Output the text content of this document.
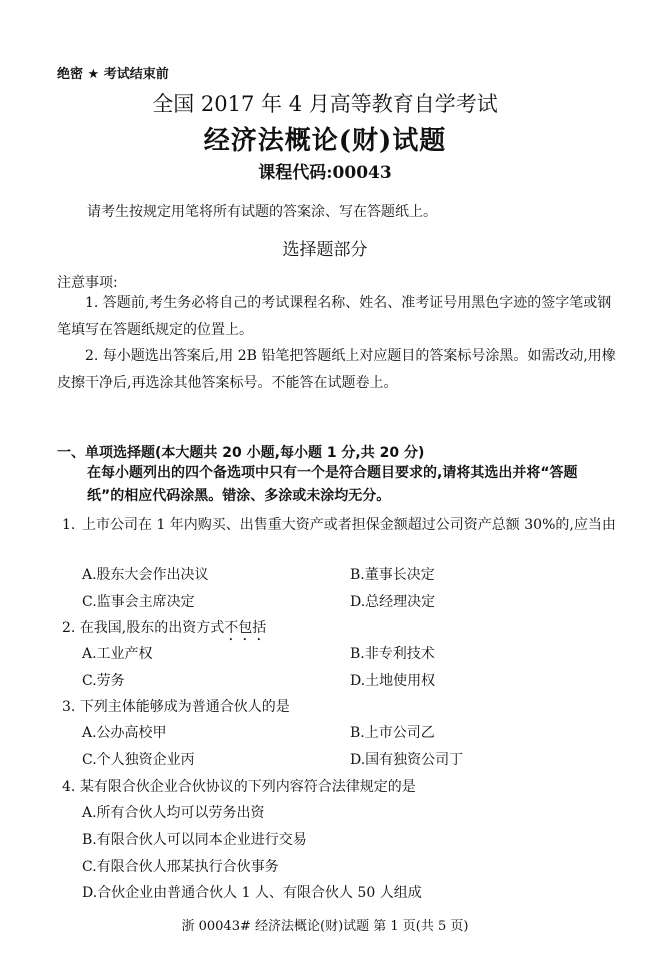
绝密 ★ 考试结束前
全国 2017 年 4 月高等教育自学考试
经济法概论(财)试题
课程代码:00043
请考生按规定用笔将所有试题的答案涂、写在答题纸上。
选择题部分
注意事项:
1. 答题前,考生务必将自己的考试课程名称、姓名、准考证号用黑色字迹的签字笔或钢笔填写在答题纸规定的位置上。
2. 每小题选出答案后,用 2B 铅笔把答题纸上对应题目的答案标号涂黑。如需改动,用橡皮擦干净后,再选涂其他答案标号。不能答在试题卷上。
一、单项选择题(本大题共 20 小题,每小题 1 分,共 20 分)
在每小题列出的四个备选项中只有一个是符合题目要求的,请将其选出并将“答题纸”的相应代码涂黑。错涂、多涂或未涂均无分。
1. 上市公司在 1 年内购买、出售重大资产或者担保金额超过公司资产总额 30%的,应当由
A.股东大会作出决议	B.董事长决定
C.监事会主席决定	D.总经理决定
2. 在我国,股东的出资方式不包括
A.工业产权	B.非专利技术
C.劳务	D.土地使用权
3. 下列主体能够成为普通合伙人的是
A.公办高校甲	B.上市公司乙
C.个人独资企业丙	D.国有独资公司丁
4. 某有限合伙企业合伙协议的下列内容符合法律规定的是
A.所有合伙人均可以劳务出资
B.有限合伙人可以同本企业进行交易
C.有限合伙人邢某执行合伙事务
D.合伙企业由普通合伙人 1 人、有限合伙人 50 人组成
浙 00043# 经济法概论(财)试题 第 1 页(共 5 页)
